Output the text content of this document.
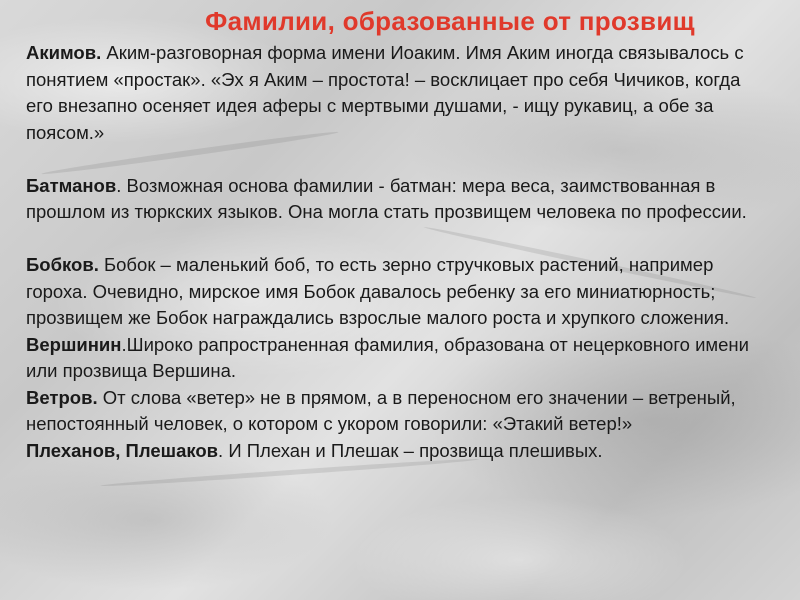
Фамилии, образованные от прозвищ

Акимов. Аким-разговорная форма имени Иоаким. Имя Аким иногда связывалось с понятием «простак». «Эх я Аким – простота! – восклицает про себя Чичиков, когда его внезапно осеняет идея аферы с мертвыми душами, - ищу рукавиц, а обе за поясом.»

Батманов. Возможная основа фамилии - батман: мера веса, заимствованная в прошлом из тюркских языков. Она могла стать прозвищем человека по профессии.

Бобков. Бобок – маленький боб, то есть зерно стручковых растений, например гороха. Очевидно, мирское имя Бобок давалось ребенку за его миниатюрность; прозвищем же Бобок награждались взрослые малого роста и хрупкого сложения.

Вершинин.Широко рапространенная фамилия, образована от нецерковного имени или прозвища Вершина.

Ветров. От слова «ветер» не в прямом, а в переносном его значении – ветреный, непостоянный человек, о котором с укором говорили: «Этакий ветер!»

Плеханов, Плешаков. И Плехан и Плешак – прозвища плешивых.
